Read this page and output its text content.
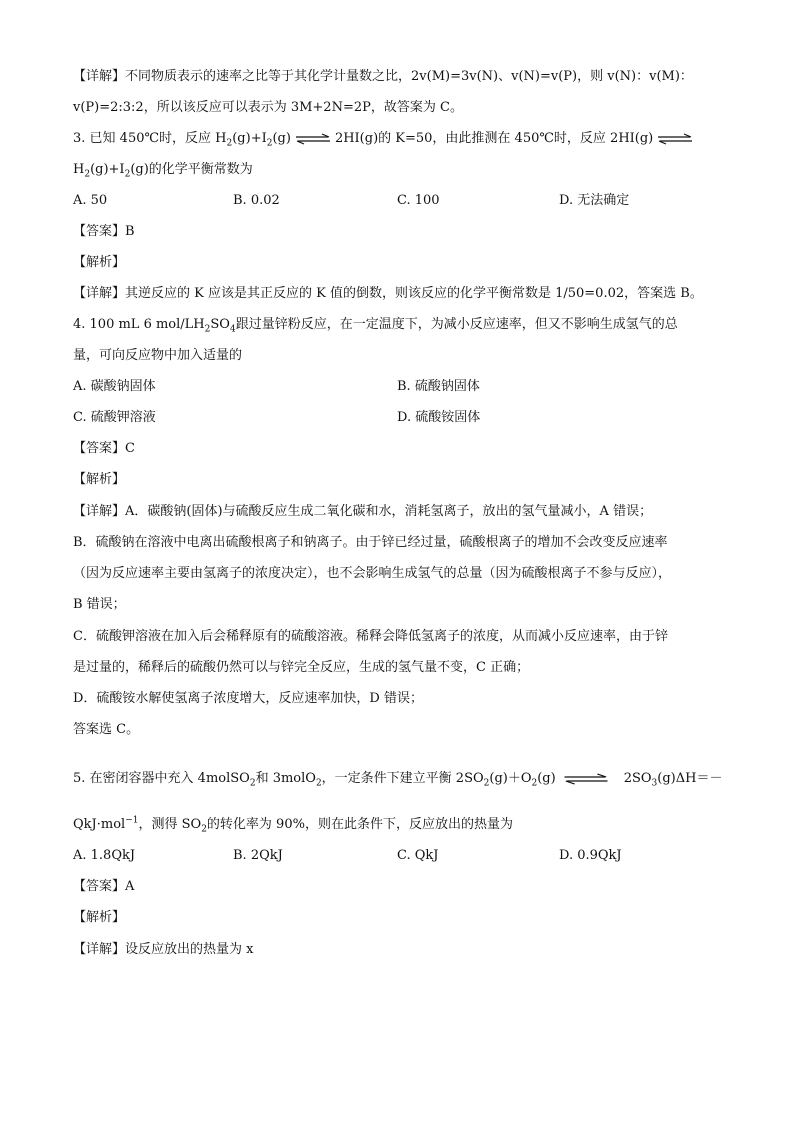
【详解】不同物质表示的速率之比等于其化学计量数之比，2v(M)=3v(N)、v(N)=v(P)，则 v(N)：v(M)：
v(P)=2:3:2，所以该反应可以表示为 3M+2N=2P，故答案为 C。
3. 已知 450℃时，反应 $H_2(g)+I_2(g)$ ⇌ 2HI(g)的 K=50，由此推测在 450℃时，反应 2HI(g) ⇌
$H_2(g)+I_2(g)$的化学平衡常数为
A. 50	B. 0.02	C. 100	D. 无法确定
【答案】B
【解析】
【详解】其逆反应的 K 应该是其正反应的 K 值的倒数，则该反应的化学平衡常数是 1/50=0.02，答案选 B。
4. 100 mL 6 mol/$LH_2SO_4$跟过量锌粉反应，在一定温度下，为减小反应速率，但又不影响生成氢气的总
量，可向反应物中加入适量的
A. 碳酸钠固体	B. 硫酸钠固体
C. 硫酸钾溶液	D. 硫酸铵固体
【答案】C
【解析】
【详解】A．碳酸钠(固体)与硫酸反应生成二氧化碳和水，消耗氢离子，放出的氢气量减小，A 错误；
B．硫酸钠在溶液中电离出硫酸根离子和钠离子。由于锌已经过量，硫酸根离子的增加不会改变反应速率
（因为反应速率主要由氢离子的浓度决定），也不会影响生成氢气的总量（因为硫酸根离子不参与反应），
B 错误；
C．硫酸钾溶液在加入后会稀释原有的硫酸溶液。稀释会降低氢离子的浓度，从而减小反应速率，由于锌
是过量的，稀释后的硫酸仍然可以与锌完全反应，生成的氢气量不变，C 正确；
D．硫酸铵水解使氢离子浓度增大，反应速率加快，D 错误；
答案选 C。
5. 在密闭容器中充入 4molSO$_2$和 3molO$_2$，一定条件下建立平衡 $2SO_2(g)+O_2(g)$ ⇌ $2SO_3(g)\Delta H=-$
QkJ·mol$^{-1}$，测得 $SO_2$的转化率为 90%，则在此条件下，反应放出的热量为
A. 1.8QkJ	B. 2QkJ	C. QkJ	D. 0.9QkJ
【答案】A
【解析】
【详解】设反应放出的热量为 x
